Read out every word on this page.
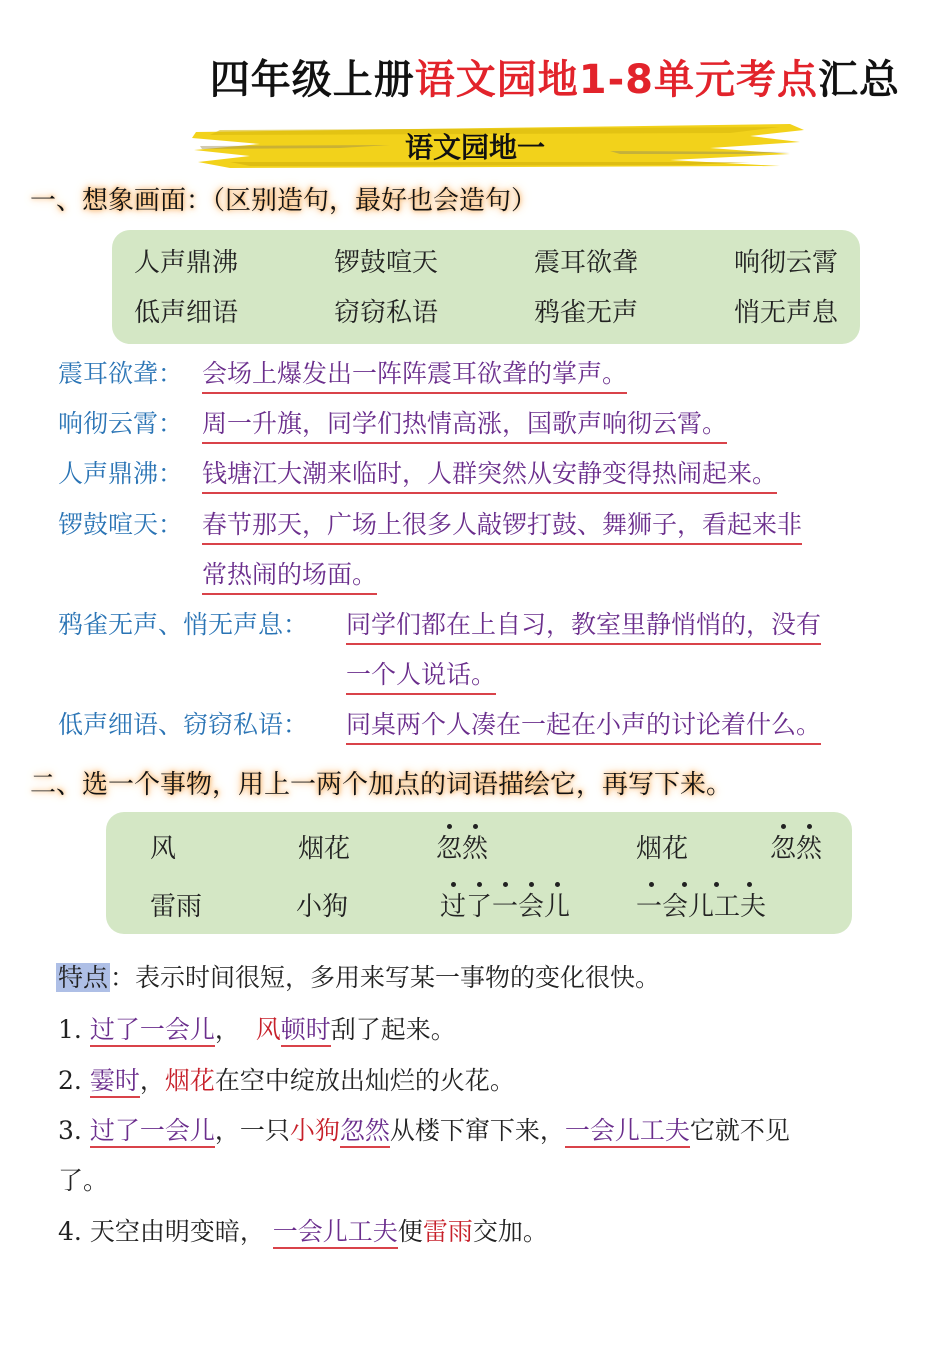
四年级上册语文园地1-8单元考点汇总
语文园地一
一、想象画面：（区别造句，最好也会造句）
人声鼎沸	锣鼓喧天	震耳欲聋	响彻云霄
低声细语	窃窃私语	鸦雀无声	悄无声息
震耳欲聋： 会场上爆发出一阵阵震耳欲聋的掌声。
响彻云霄： 周一升旗，同学们热情高涨，国歌声响彻云霄。
人声鼎沸： 钱塘江大潮来临时，人群突然从安静变得热闹起来。
锣鼓喧天： 春节那天，广场上很多人敲锣打鼓、舞狮子，看起来非
常热闹的场面。
鸦雀无声、悄无声息： 同学们都在上自习，教室里静悄悄的，没有
一个人说话。
低声细语、窃窃私语： 同桌两个人凑在一起在小声的讨论着什么。
二、选一个事物，用上一两个加点的词语描绘它，再写下来。
风	烟花	忽然	烟花	忽然
雷雨	小狗	过了一会儿	一会儿工夫
特点：表示时间很短，多用来写某一事物的变化很快。
1. 过了一会儿， 风顿时刮了起来。
2. 霎时，烟花在空中绽放出灿烂的火花。
3. 过了一会儿，一只小狗忽然从楼下窜下来，一会儿工夫它就不见
了。
4. 天空由明变暗， 一会儿工夫便雷雨交加。
